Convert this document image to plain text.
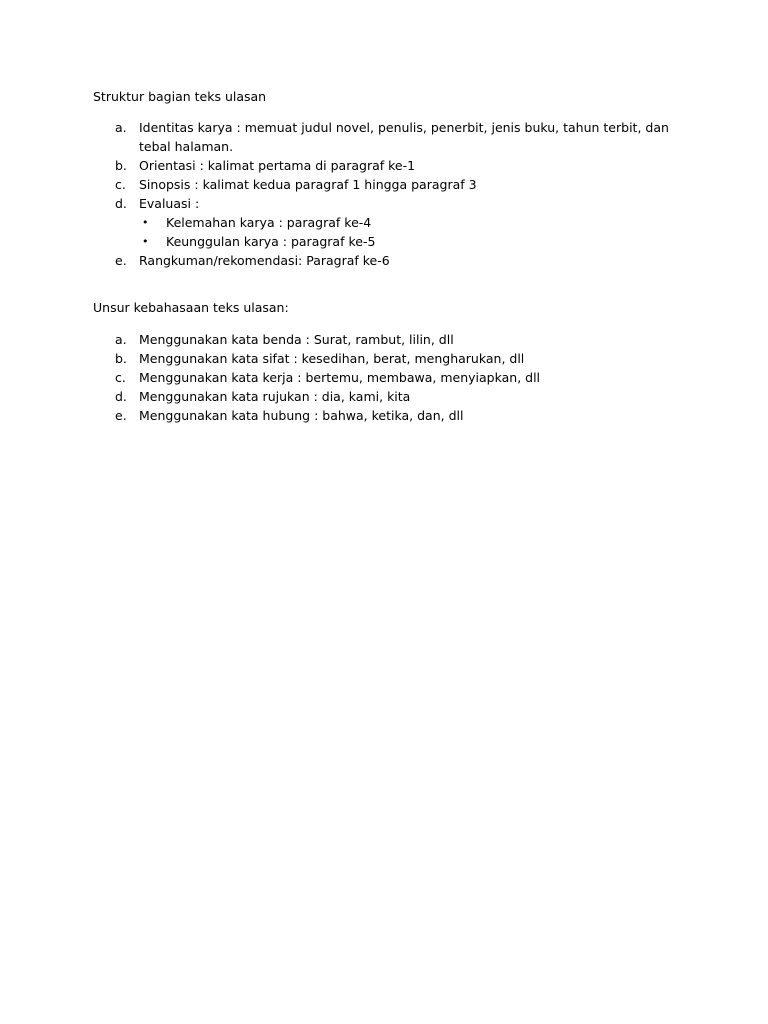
Struktur bagian teks ulasan
a. Identitas karya : memuat judul novel, penulis, penerbit, jenis buku, tahun terbit, dan tebal halaman.
b. Orientasi : kalimat pertama di paragraf ke-1
c. Sinopsis : kalimat kedua paragraf 1 hingga paragraf 3
d. Evaluasi :
• Kelemahan karya : paragraf ke-4
• Keunggulan karya : paragraf ke-5
e. Rangkuman/rekomendasi: Paragraf ke-6
Unsur kebahasaan teks ulasan:
a. Menggunakan kata benda : Surat, rambut, lilin, dll
b. Menggunakan kata sifat : kesedihan, berat, mengharukan, dll
c. Menggunakan kata kerja : bertemu, membawa, menyiapkan, dll
d. Menggunakan kata rujukan : dia, kami, kita
e. Menggunakan kata hubung : bahwa, ketika, dan, dll
